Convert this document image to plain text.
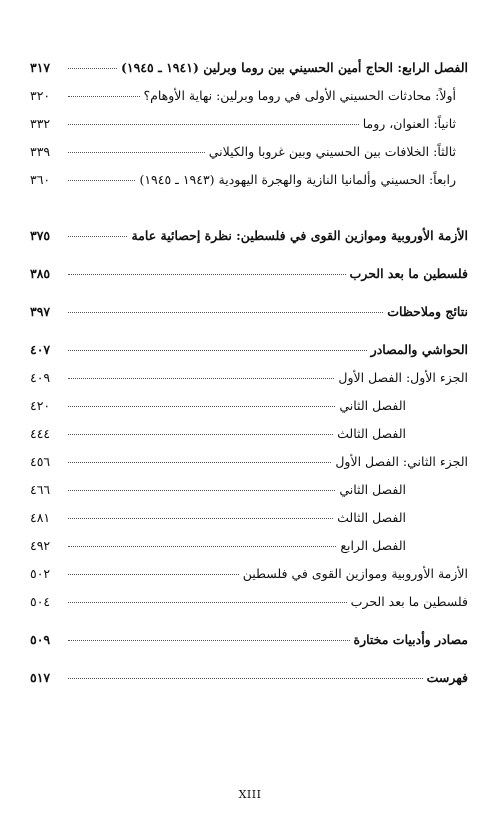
الفصل الرابع: الحاج أمين الحسيني بين روما وبرلين (١٩٤١ ـ ١٩٤٥)
٣١٧
أولاً: محادثات الحسيني الأولى في روما وبرلين: نهاية الأوهام؟
٣٢٠
ثانياً: العنوان، روما
٣٣٢
ثالثاً: الخلافات بين الحسيني وبين غروبا والكيلاني
٣٣٩
رابعاً: الحسيني وألمانيا النازية والهجرة اليهودية (١٩٤٣ ـ ١٩٤٥)
٣٦٠
الأزمة الأوروبية وموازين القوى في فلسطين: نظرة إحصائية عامة
٣٧٥
فلسطين ما بعد الحرب
٣٨٥
نتائج وملاحظات
٣٩٧
الحواشي والمصادر
٤٠٧
الجزء الأول: الفصل الأول
٤٠٩
الفصل الثاني
٤٢٠
الفصل الثالث
٤٤٤
الجزء الثاني: الفصل الأول
٤٥٦
الفصل الثاني
٤٦٦
الفصل الثالث
٤٨١
الفصل الرابع
٤٩٢
الأزمة الأوروبية وموازين القوى في فلسطين
٥٠٢
فلسطين ما بعد الحرب
٥٠٤
مصادر وأدبيات مختارة
٥٠٩
فهرست
٥١٧
XIII
